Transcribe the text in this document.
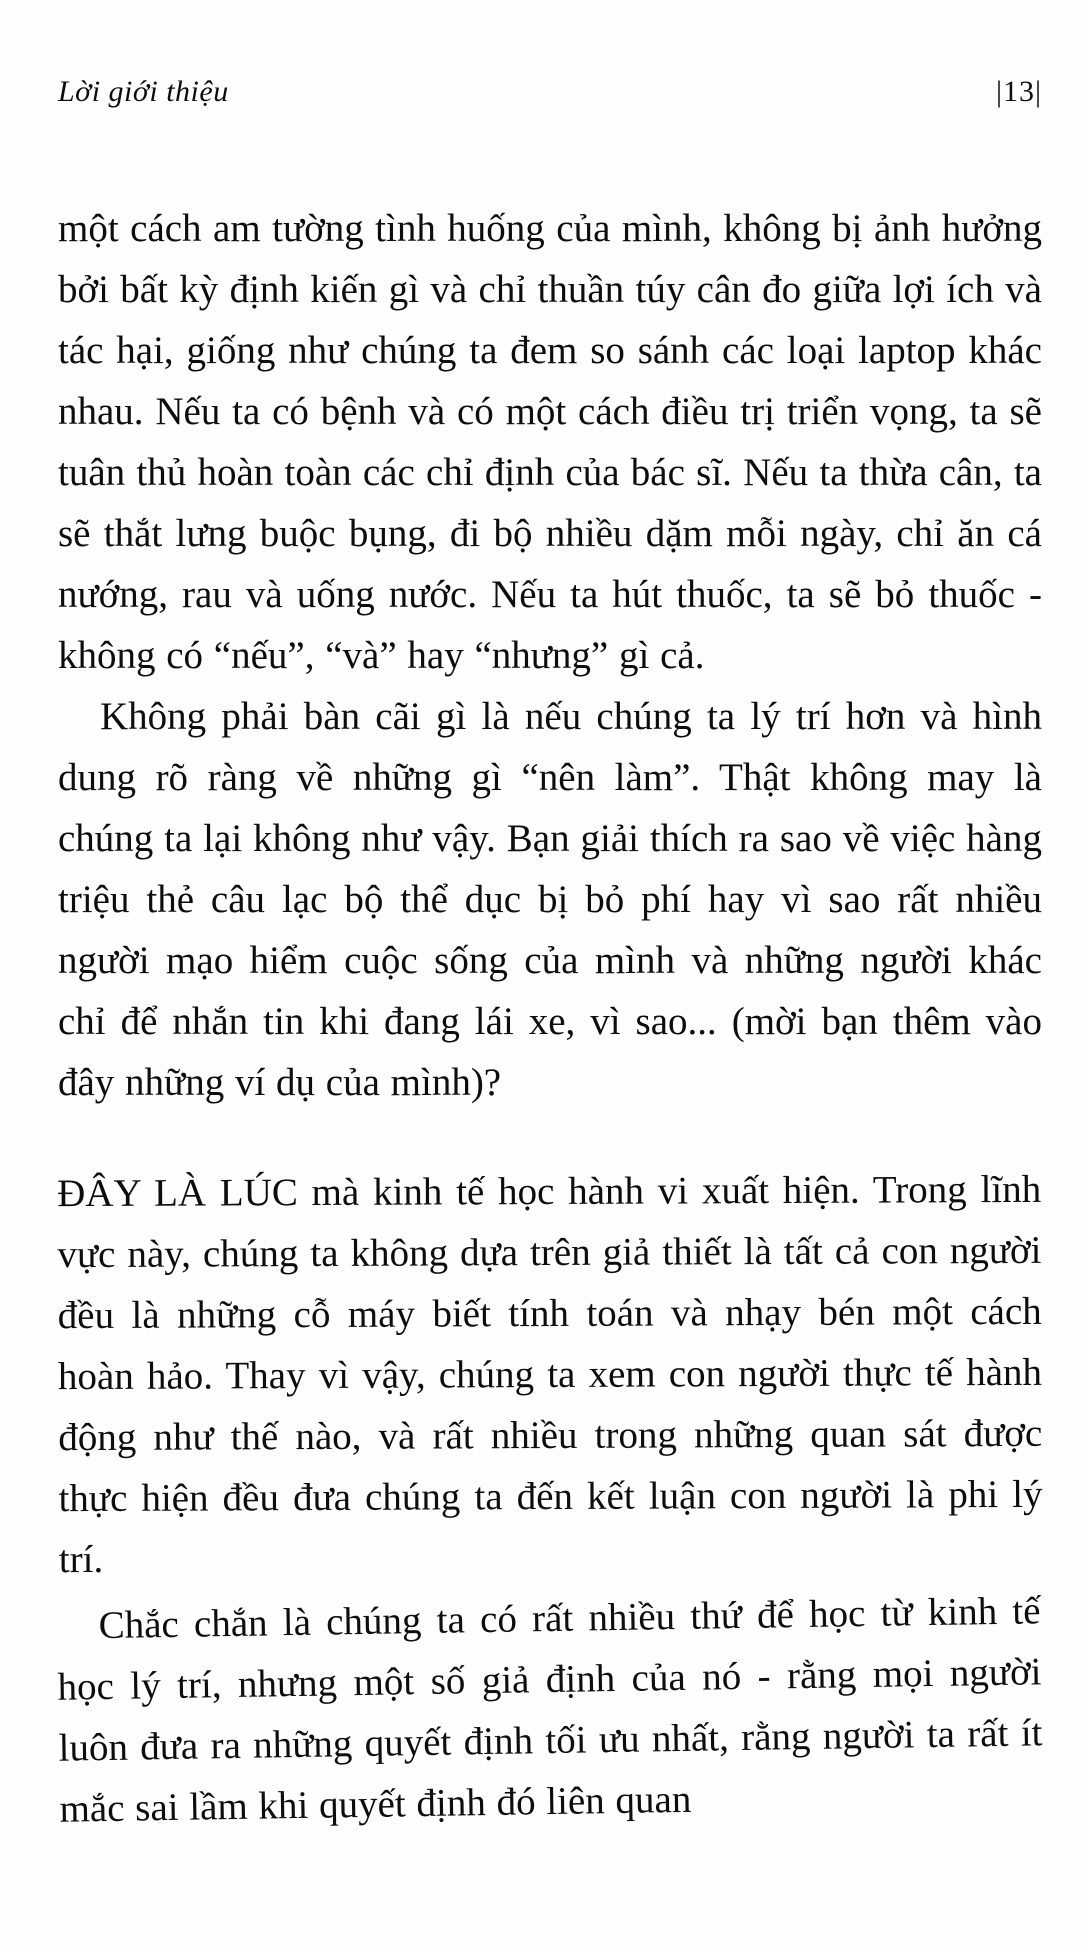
Lời giới thiệu	|13|

một cách am tường tình huống của mình, không bị ảnh hưởng bởi bất kỳ định kiến gì và chỉ thuần túy cân đo giữa lợi ích và tác hại, giống như chúng ta đem so sánh các loại laptop khác nhau. Nếu ta có bệnh và có một cách điều trị triển vọng, ta sẽ tuân thủ hoàn toàn các chỉ định của bác sĩ. Nếu ta thừa cân, ta sẽ thắt lưng buộc bụng, đi bộ nhiều dặm mỗi ngày, chỉ ăn cá nướng, rau và uống nước. Nếu ta hút thuốc, ta sẽ bỏ thuốc - không có “nếu”, “và” hay “nhưng” gì cả.

Không phải bàn cãi gì là nếu chúng ta lý trí hơn và hình dung rõ ràng về những gì “nên làm”. Thật không may là chúng ta lại không như vậy. Bạn giải thích ra sao về việc hàng triệu thẻ câu lạc bộ thể dục bị bỏ phí hay vì sao rất nhiều người mạo hiểm cuộc sống của mình và những người khác chỉ để nhắn tin khi đang lái xe, vì sao... (mời bạn thêm vào đây những ví dụ của mình)?

ĐÂY LÀ LÚC mà kinh tế học hành vi xuất hiện. Trong lĩnh vực này, chúng ta không dựa trên giả thiết là tất cả con người đều là những cỗ máy biết tính toán và nhạy bén một cách hoàn hảo. Thay vì vậy, chúng ta xem con người thực tế hành động như thế nào, và rất nhiều trong những quan sát được thực hiện đều đưa chúng ta đến kết luận con người là phi lý trí.

Chắc chắn là chúng ta có rất nhiều thứ để học từ kinh tế học lý trí, nhưng một số giả định của nó - rằng mọi người luôn đưa ra những quyết định tối ưu nhất, rằng người ta rất ít mắc sai lầm khi quyết định đó liên quan
